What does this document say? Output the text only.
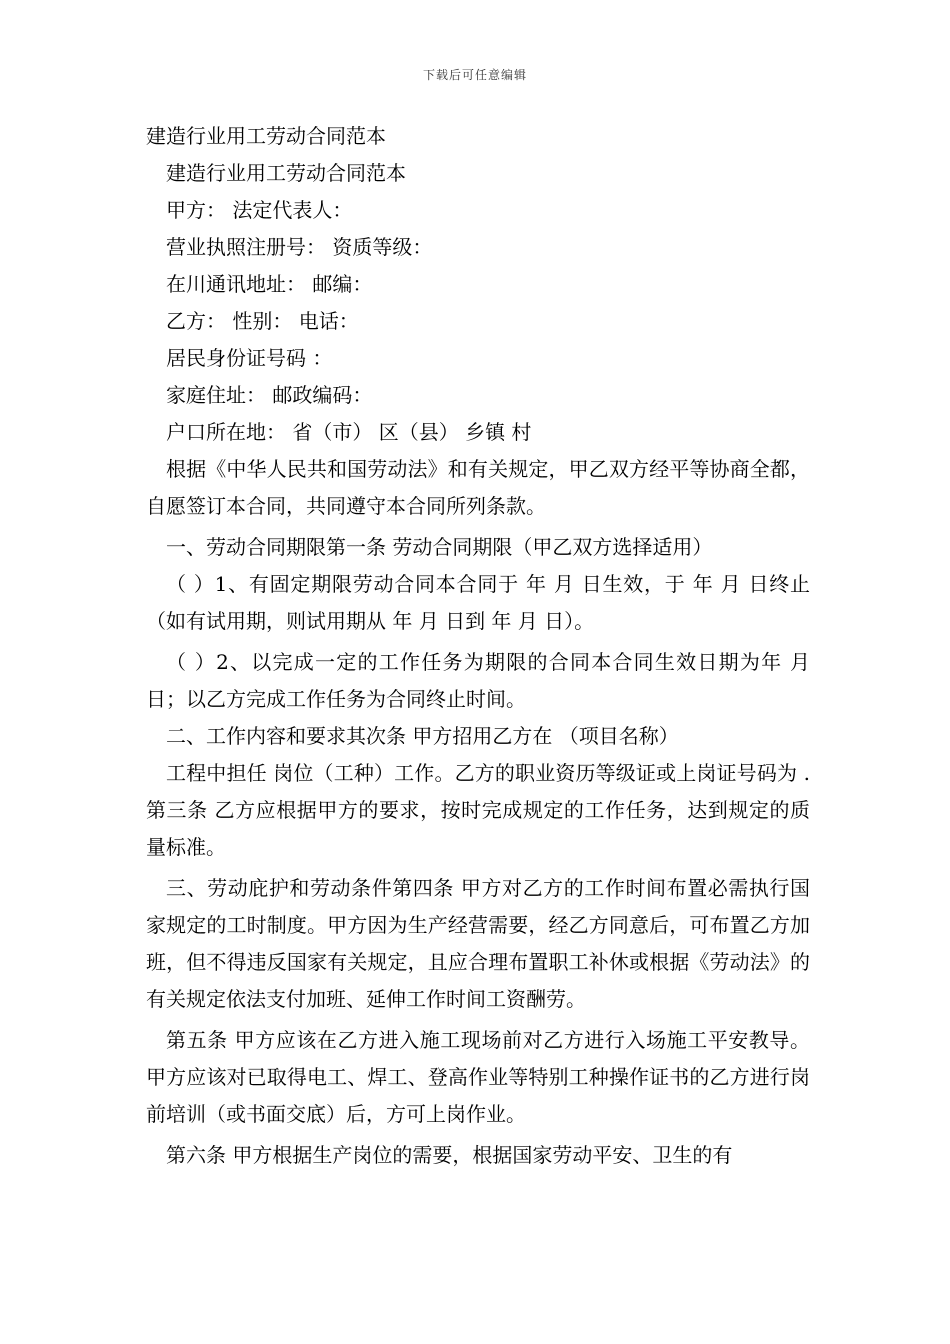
下载后可任意编辑

建造行业用工劳动合同范本

建造行业用工劳动合同范本

甲方： 法定代表人：

营业执照注册号： 资质等级：

在川通讯地址： 邮编：

乙方： 性别： 电话：

居民身份证号码 ：

家庭住址： 邮政编码：

户口所在地： 省（市） 区（县） 乡镇 村

根据《中华人民共和国劳动法》和有关规定，甲乙双方经平等协商全都，自愿签订本合同，共同遵守本合同所列条款。

一、劳动合同期限第一条 劳动合同期限（甲乙双方选择适用）

（ ）1、有固定期限劳动合同本合同于 年 月 日生效，于 年 月 日终止（如有试用期，则试用期从 年 月 日到 年 月 日）。

（ ）2、以完成一定的工作任务为期限的合同本合同生效日期为年 月 日；以乙方完成工作任务为合同终止时间。

二、工作内容和要求其次条 甲方招用乙方在 （项目名称）

工程中担任 岗位（工种）工作。乙方的职业资历等级证或上岗证号码为 .第三条 乙方应根据甲方的要求，按时完成规定的工作任务，达到规定的质量标准。

三、劳动庇护和劳动条件第四条 甲方对乙方的工作时间布置必需执行国家规定的工时制度。甲方因为生产经营需要，经乙方同意后，可布置乙方加班，但不得违反国家有关规定，且应合理布置职工补休或根据《劳动法》的有关规定依法支付加班、延伸工作时间工资酬劳。

第五条 甲方应该在乙方进入施工现场前对乙方进行入场施工平安教导。甲方应该对已取得电工、焊工、登高作业等特别工种操作证书的乙方进行岗前培训（或书面交底）后，方可上岗作业。

第六条 甲方根据生产岗位的需要，根据国家劳动平安、卫生的有
